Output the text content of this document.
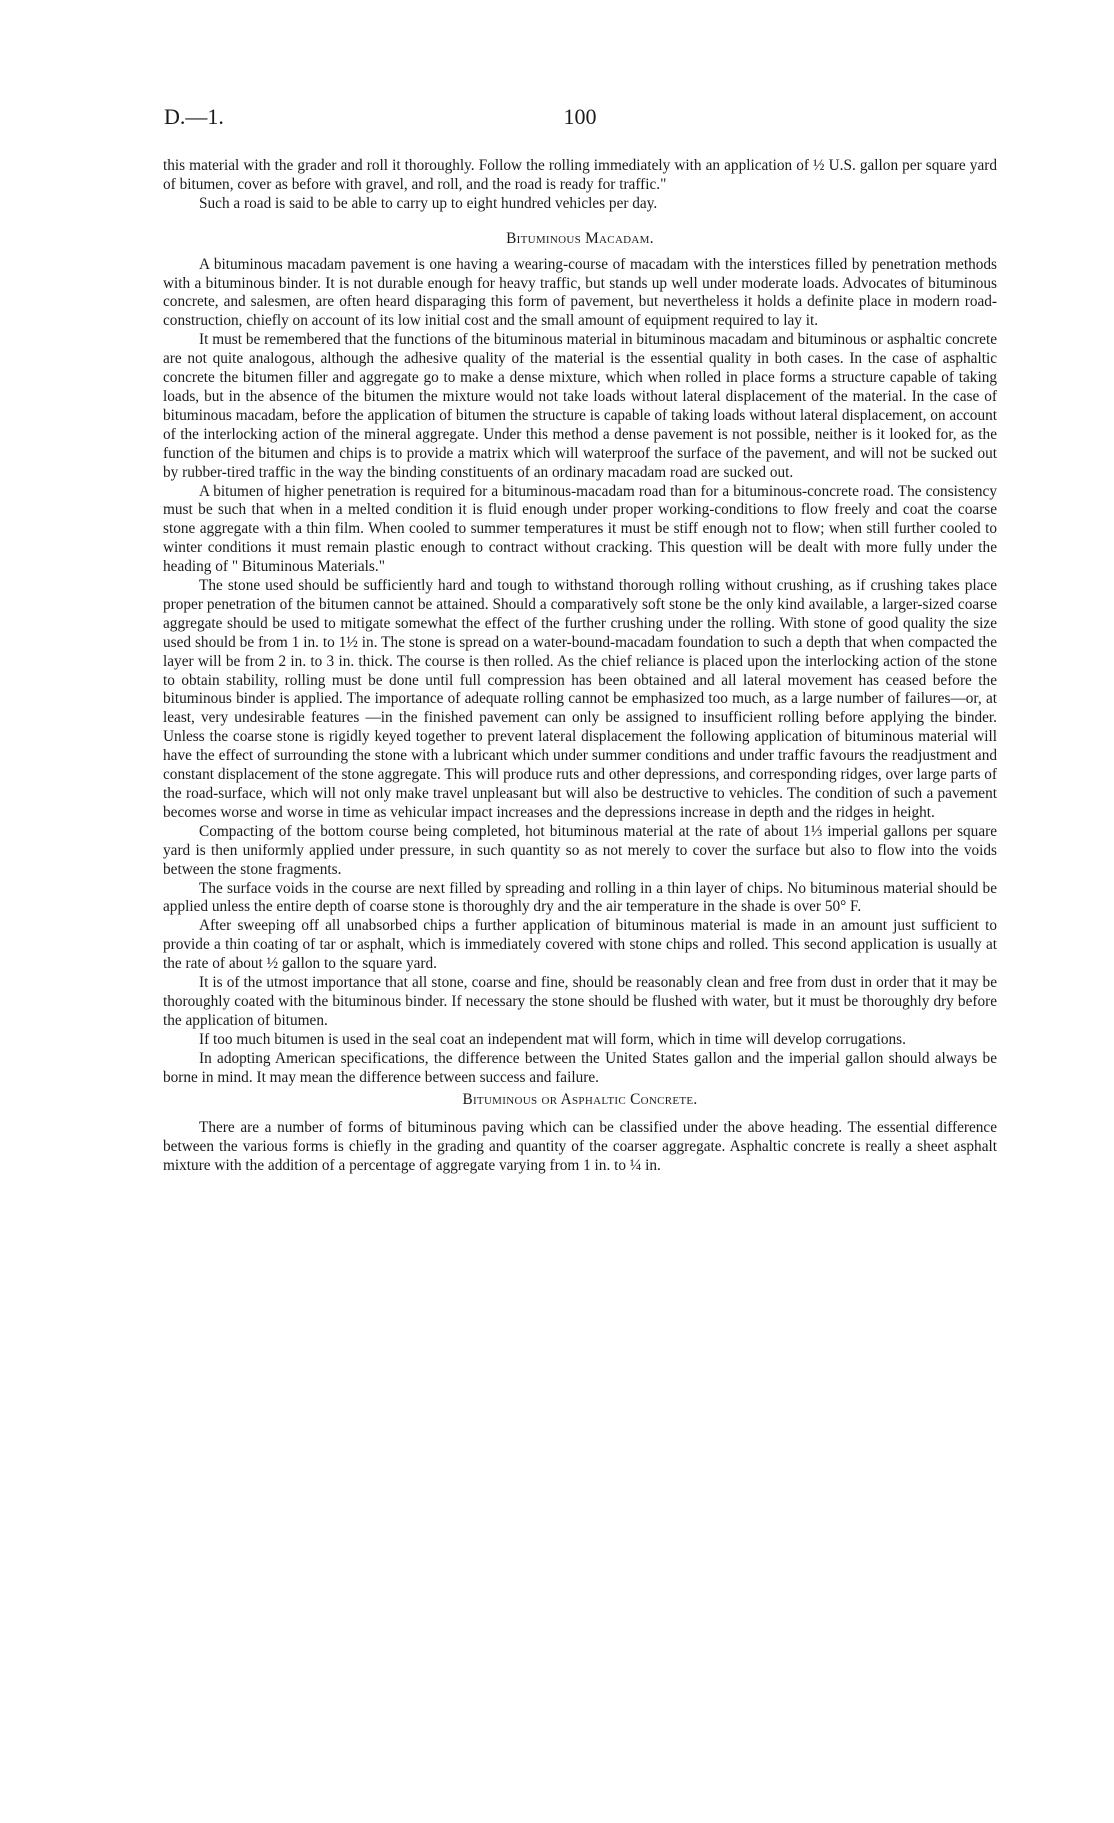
D.—1.	100

this material with the grader and roll it thoroughly. Follow the rolling immediately with an application of ½ U.S. gallon per square yard of bitumen, cover as before with gravel, and roll, and the road is ready for traffic."

Such a road is said to be able to carry up to eight hundred vehicles per day.

Bituminous Macadam.

A bituminous macadam pavement is one having a wearing-course of macadam with the interstices filled by penetration methods with a bituminous binder. It is not durable enough for heavy traffic, but stands up well under moderate loads. Advocates of bituminous concrete, and salesmen, are often heard disparaging this form of pavement, but nevertheless it holds a definite place in modern road-construction, chiefly on account of its low initial cost and the small amount of equipment required to lay it.

It must be remembered that the functions of the bituminous material in bituminous macadam and bituminous or asphaltic concrete are not quite analogous, although the adhesive quality of the material is the essential quality in both cases. In the case of asphaltic concrete the bitumen filler and aggregate go to make a dense mixture, which when rolled in place forms a structure capable of taking loads, but in the absence of the bitumen the mixture would not take loads without lateral displacement of the material. In the case of bituminous macadam, before the application of bitumen the structure is capable of taking loads without lateral displacement, on account of the interlocking action of the mineral aggregate. Under this method a dense pavement is not possible, neither is it looked for, as the function of the bitumen and chips is to provide a matrix which will waterproof the surface of the pavement, and will not be sucked out by rubber-tired traffic in the way the binding constituents of an ordinary macadam road are sucked out.

A bitumen of higher penetration is required for a bituminous-macadam road than for a bituminous-concrete road. The consistency must be such that when in a melted condition it is fluid enough under proper working-conditions to flow freely and coat the coarse stone aggregate with a thin film. When cooled to summer temperatures it must be stiff enough not to flow; when still further cooled to winter conditions it must remain plastic enough to contract without cracking. This question will be dealt with more fully under the heading of " Bituminous Materials."

The stone used should be sufficiently hard and tough to withstand thorough rolling without crushing, as if crushing takes place proper penetration of the bitumen cannot be attained. Should a comparatively soft stone be the only kind available, a larger-sized coarse aggregate should be used to mitigate somewhat the effect of the further crushing under the rolling. With stone of good quality the size used should be from 1 in. to 1½ in. The stone is spread on a water-bound-macadam foundation to such a depth that when compacted the layer will be from 2 in. to 3 in. thick. The course is then rolled. As the chief reliance is placed upon the interlocking action of the stone to obtain stability, rolling must be done until full compression has been obtained and all lateral movement has ceased before the bituminous binder is applied. The importance of adequate rolling cannot be emphasized too much, as a large number of failures—or, at least, very undesirable features —in the finished pavement can only be assigned to insufficient rolling before applying the binder. Unless the coarse stone is rigidly keyed together to prevent lateral displacement the following application of bituminous material will have the effect of surrounding the stone with a lubricant which under summer conditions and under traffic favours the readjustment and constant displacement of the stone aggregate. This will produce ruts and other depressions, and corresponding ridges, over large parts of the road-surface, which will not only make travel unpleasant but will also be destructive to vehicles. The condition of such a pavement becomes worse and worse in time as vehicular impact increases and the depressions increase in depth and the ridges in height.

Compacting of the bottom course being completed, hot bituminous material at the rate of about 1⅓ imperial gallons per square yard is then uniformly applied under pressure, in such quantity so as not merely to cover the surface but also to flow into the voids between the stone fragments.

The surface voids in the course are next filled by spreading and rolling in a thin layer of chips. No bituminous material should be applied unless the entire depth of coarse stone is thoroughly dry and the air temperature in the shade is over 50° F.

After sweeping off all unabsorbed chips a further application of bituminous material is made in an amount just sufficient to provide a thin coating of tar or asphalt, which is immediately covered with stone chips and rolled. This second application is usually at the rate of about ½ gallon to the square yard.

It is of the utmost importance that all stone, coarse and fine, should be reasonably clean and free from dust in order that it may be thoroughly coated with the bituminous binder. If necessary the stone should be flushed with water, but it must be thoroughly dry before the application of bitumen.

If too much bitumen is used in the seal coat an independent mat will form, which in time will develop corrugations.

In adopting American specifications, the difference between the United States gallon and the imperial gallon should always be borne in mind. It may mean the difference between success and failure.

Bituminous or Asphaltic Concrete.

There are a number of forms of bituminous paving which can be classified under the above heading. The essential difference between the various forms is chiefly in the grading and quantity of the coarser aggregate. Asphaltic concrete is really a sheet asphalt mixture with the addition of a percentage of aggregate varying from 1 in. to ¼ in.
